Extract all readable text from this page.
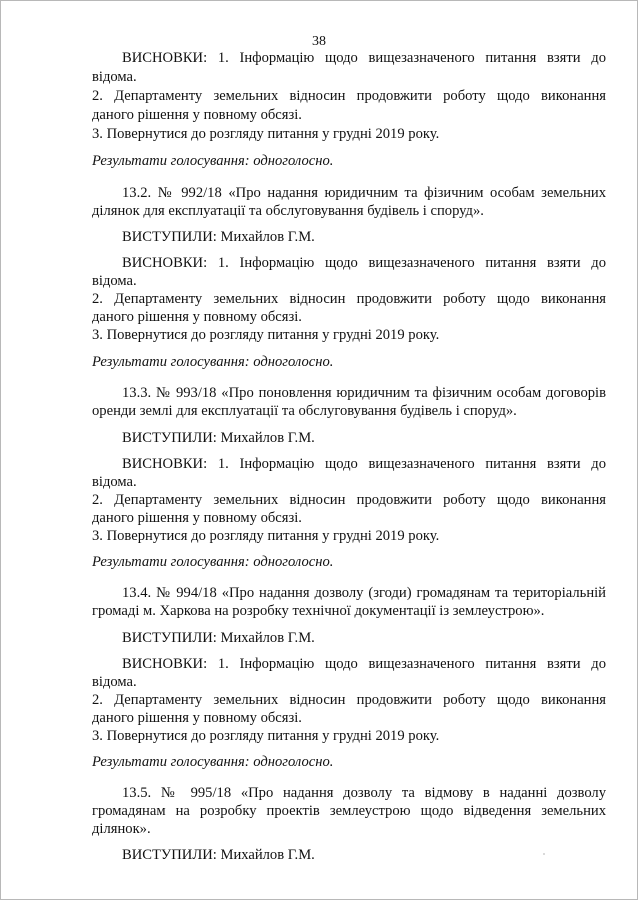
38
ВИСНОВКИ: 1. Інформацію щодо вищезазначеного питання взяти до
відома.
2. Департаменту земельних відносин продовжити роботу щодо виконання
даного рішення у повному обсязі.
3. Повернутися до розгляду питання у грудні 2019 року.
Результати голосування: одноголосно.
13.2. № 992/18 «Про надання юридичним та фізичним особам земельних
ділянок для експлуатації та обслуговування будівель і споруд».
ВИСТУПИЛИ: Михайлов Г.М.
ВИСНОВКИ: 1. Інформацію щодо вищезазначеного питання взяти до
відома.
2. Департаменту земельних відносин продовжити роботу щодо виконання
даного рішення у повному обсязі.
3. Повернутися до розгляду питання у грудні 2019 року.
Результати голосування: одноголосно.
13.3. № 993/18 «Про поновлення юридичним та фізичним особам договорів
оренди землі для експлуатації та обслуговування будівель і споруд».
ВИСТУПИЛИ: Михайлов Г.М.
ВИСНОВКИ: 1. Інформацію щодо вищезазначеного питання взяти до
відома.
2. Департаменту земельних відносин продовжити роботу щодо виконання
даного рішення у повному обсязі.
3. Повернутися до розгляду питання у грудні 2019 року.
Результати голосування: одноголосно.
13.4. № 994/18 «Про надання дозволу (згоди) громадянам та територіальній
громаді м. Харкова на розробку технічної документації із землеустрою».
ВИСТУПИЛИ: Михайлов Г.М.
ВИСНОВКИ: 1. Інформацію щодо вищезазначеного питання взяти до
відома.
2. Департаменту земельних відносин продовжити роботу щодо виконання
даного рішення у повному обсязі.
3. Повернутися до розгляду питання у грудні 2019 року.
Результати голосування: одноголосно.
13.5. № 995/18 «Про надання дозволу та відмову в наданні дозволу
громадянам на розробку проектів землеустрою щодо відведення земельних
ділянок».
ВИСТУПИЛИ: Михайлов Г.М.
